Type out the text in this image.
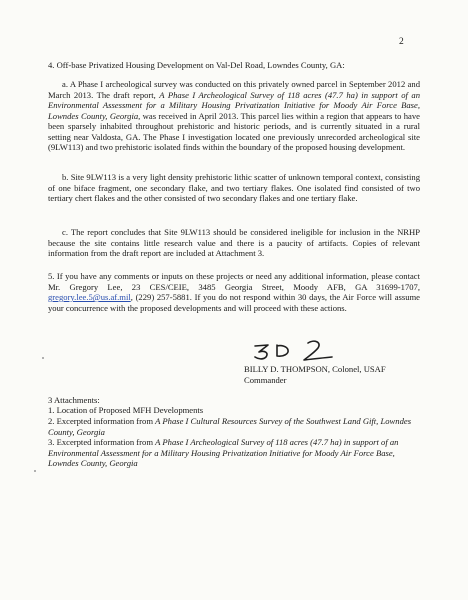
2
4. Off-base Privatized Housing Development on Val-Del Road, Lowndes County, GA:
a. A Phase I archeological survey was conducted on this privately owned parcel in September 2012 and March 2013. The draft report, A Phase I Archeological Survey of 118 acres (47.7 ha) in support of an Environmental Assessment for a Military Housing Privatization Initiative for Moody Air Force Base, Lowndes County, Georgia, was received in April 2013. This parcel lies within a region that appears to have been sparsely inhabited throughout prehistoric and historic periods, and is currently situated in a rural setting near Valdosta, GA. The Phase I investigation located one previously unrecorded archeological site (9LW113) and two prehistoric isolated finds within the boundary of the proposed housing development.
b. Site 9LW113 is a very light density prehistoric lithic scatter of unknown temporal context, consisting of one biface fragment, one secondary flake, and two tertiary flakes. One isolated find consisted of two tertiary chert flakes and the other consisted of two secondary flakes and one tertiary flake.
c. The report concludes that Site 9LW113 should be considered ineligible for inclusion in the NRHP because the site contains little research value and there is a paucity of artifacts. Copies of relevant information from the draft report are included at Attachment 3.
5. If you have any comments or inputs on these projects or need any additional information, please contact Mr. Gregory Lee, 23 CES/CEIE, 3485 Georgia Street, Moody AFB, GA 31699-1707, gregory.lee.5@us.af.mil, (229) 257-5881. If you do not respond within 30 days, the Air Force will assume your concurrence with the proposed developments and will proceed with these actions.
BILLY D. THOMPSON, Colonel, USAF
Commander
3 Attachments:
1. Location of Proposed MFH Developments
2. Excerpted information from A Phase I Cultural Resources Survey of the Southwest Land Gift, Lowndes County, Georgia
3. Excerpted information from A Phase I Archeological Survey of 118 acres (47.7 ha) in support of an Environmental Assessment for a Military Housing Privatization Initiative for Moody Air Force Base, Lowndes County, Georgia
